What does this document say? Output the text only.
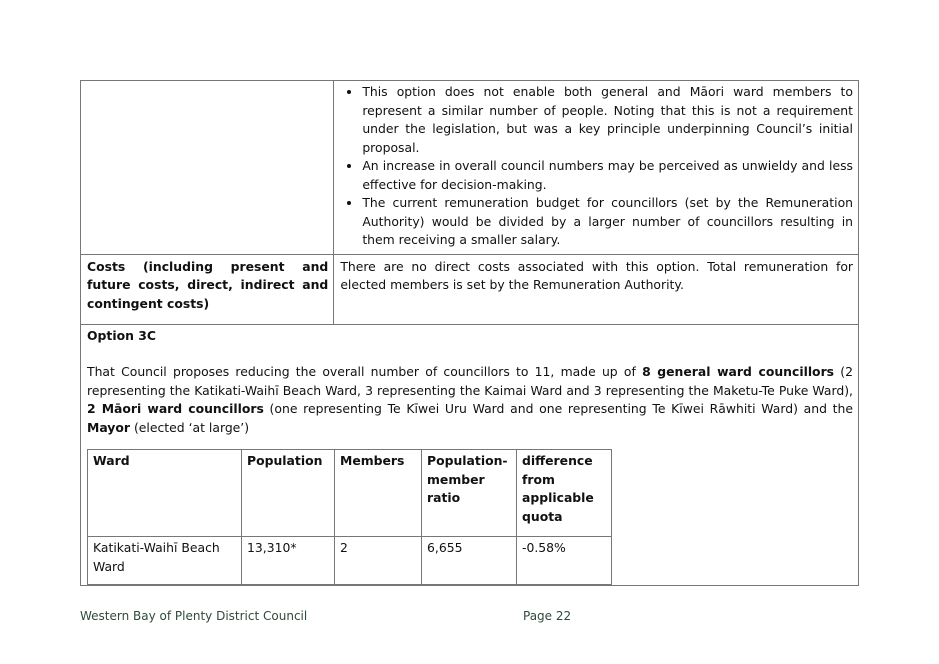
• This option does not enable both general and Māori ward members to represent a similar number of people. Noting that this is not a requirement under the legislation, but was a key principle underpinning Council’s initial proposal.
• An increase in overall council numbers may be perceived as unwieldy and less effective for decision-making.
• The current remuneration budget for councillors (set by the Remuneration Authority) would be divided by a larger number of councillors resulting in them receiving a smaller salary.

Costs (including present and future costs, direct, indirect and contingent costs)	There are no direct costs associated with this option. Total remuneration for elected members is set by the Remuneration Authority.

Option 3C

That Council proposes reducing the overall number of councillors to 11, made up of 8 general ward councillors (2 representing the Katikati-Waihī Beach Ward, 3 representing the Kaimai Ward and 3 representing the Maketu-Te Puke Ward), 2 Māori ward councillors (one representing Te Kīwei Uru Ward and one representing Te Kīwei Rāwhiti Ward) and the Mayor (elected ‘at large’)

Ward	Population	Members	Population-member ratio	difference from applicable quota
Katikati-Waihī Beach Ward	13,310*	2	6,655	-0.58%
Western Bay of Plenty District Council	Page 22
